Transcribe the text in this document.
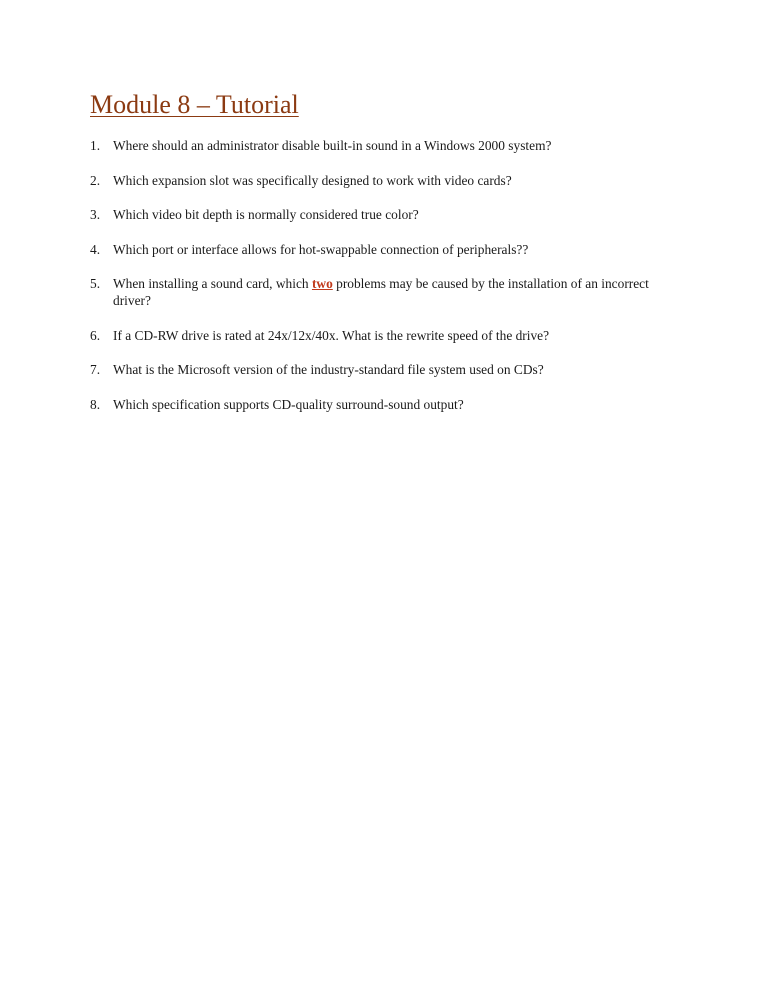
Module 8 – Tutorial
1. Where should an administrator disable built-in sound in a Windows 2000 system?
2. Which expansion slot was specifically designed to work with video cards?
3. Which video bit depth is normally considered true color?
4. Which port or interface allows for hot-swappable connection of peripherals??
5. When installing a sound card, which two problems may be caused by the installation of an incorrect driver?
6. If a CD-RW drive is rated at 24x/12x/40x. What is the rewrite speed of the drive?
7. What is the Microsoft version of the industry-standard file system used on CDs?
8. Which specification supports CD-quality surround-sound output?
